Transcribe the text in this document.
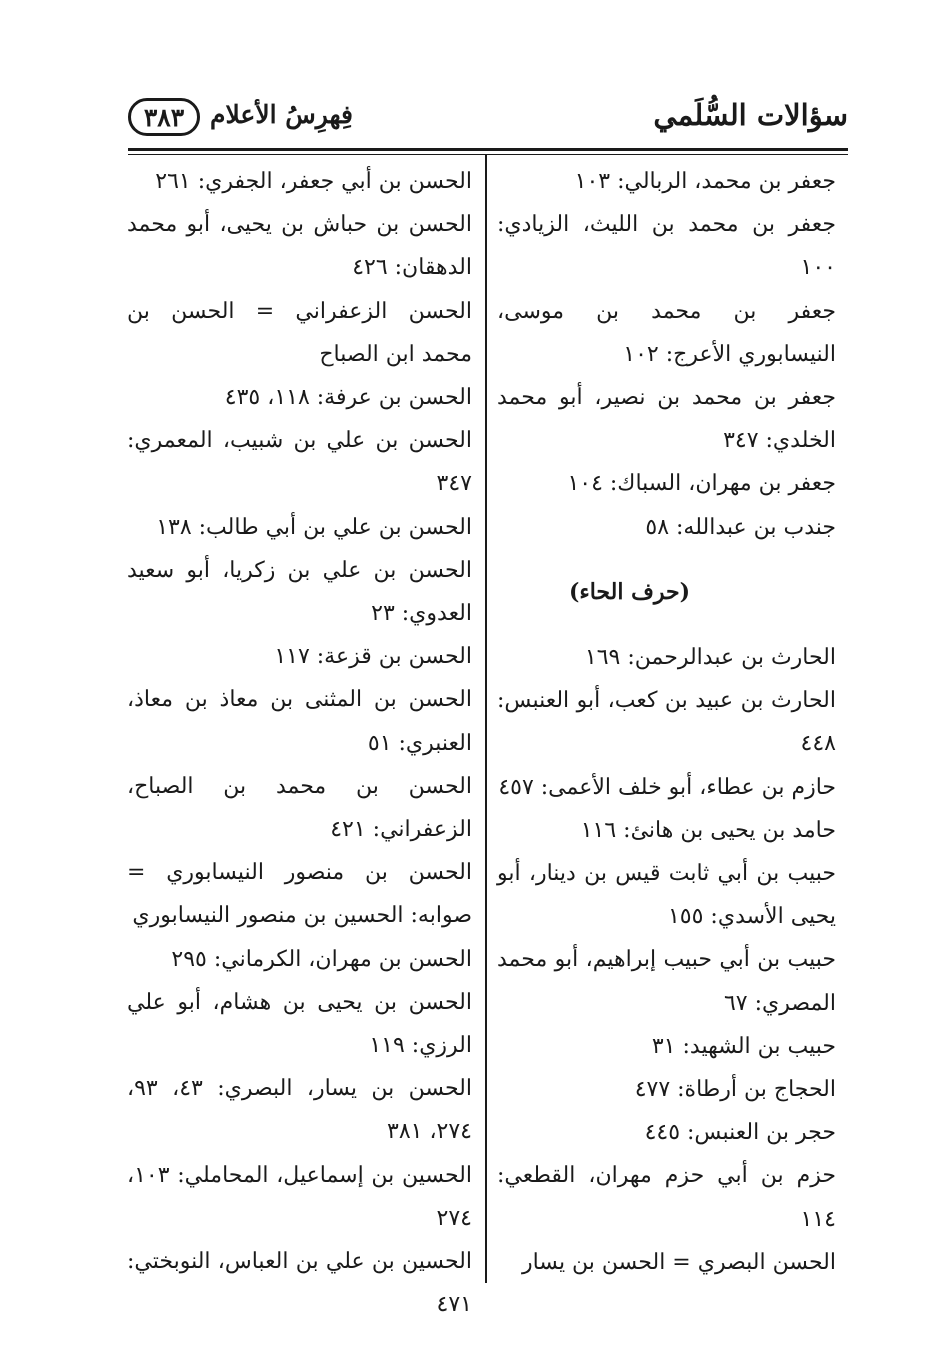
سؤالات السُّلَمي
فِهرِسُ الأعلام
٣٨٣
جعفر بن محمد، الربالي: ١٠٣
جعفر بن محمد بن الليث، الزيادي: ١٠٠
جعفر بن محمد بن موسى، النيسابوري الأعرج: ١٠٢
جعفر بن محمد بن نصير، أبو محمد الخلدي: ٣٤٧
جعفر بن مهران، السباك: ١٠٤
جندب بن عبدالله: ٥٨
(حرف الحاء)
الحارث بن عبدالرحمن: ١٦٩
الحارث بن عبيد بن كعب، أبو العنبس: ٤٤٨
حازم بن عطاء، أبو خلف الأعمى: ٤٥٧
حامد بن يحيى بن هانئ: ١١٦
حبيب بن أبي ثابت قيس بن دينار، أبو يحيى الأسدي: ١٥٥
حبيب بن أبي حبيب إبراهيم، أبو محمد المصري: ٦٧
حبيب بن الشهيد: ٣١
الحجاج بن أرطاة: ٤٧٧
حجر بن العنبس: ٤٤٥
حزم بن أبي حزم مهران، القطعي: ١١٤
الحسن البصري = الحسن بن يسار
الحسن بن أبي جعفر، الجفري: ٢٦١
الحسن بن حباش بن يحيى، أبو محمد الدهقان: ٤٢٦
الحسن الزعفراني = الحسن بن محمد ابن الصباح
الحسن بن عرفة: ١١٨، ٤٣٥
الحسن بن علي بن شبيب، المعمري: ٣٤٧
الحسن بن علي بن أبي طالب: ١٣٨
الحسن بن علي بن زكريا، أبو سعيد العدوي: ٢٣
الحسن بن قزعة: ١١٧
الحسن بن المثنى بن معاذ بن معاذ، العنبري: ٥١
الحسن بن محمد بن الصباح، الزعفراني: ٤٢١
الحسن بن منصور النيسابوري = صوابه: الحسين بن منصور النيسابوري
الحسن بن مهران، الكرماني: ٢٩٥
الحسن بن يحيى بن هشام، أبو علي الرزي: ١١٩
الحسن بن يسار، البصري: ٤٣، ٩٣، ٢٧٤، ٣٨١
الحسين بن إسماعيل، المحاملي: ١٠٣، ٢٧٤
الحسين بن علي بن العباس، النوبختي: ٤٧١
